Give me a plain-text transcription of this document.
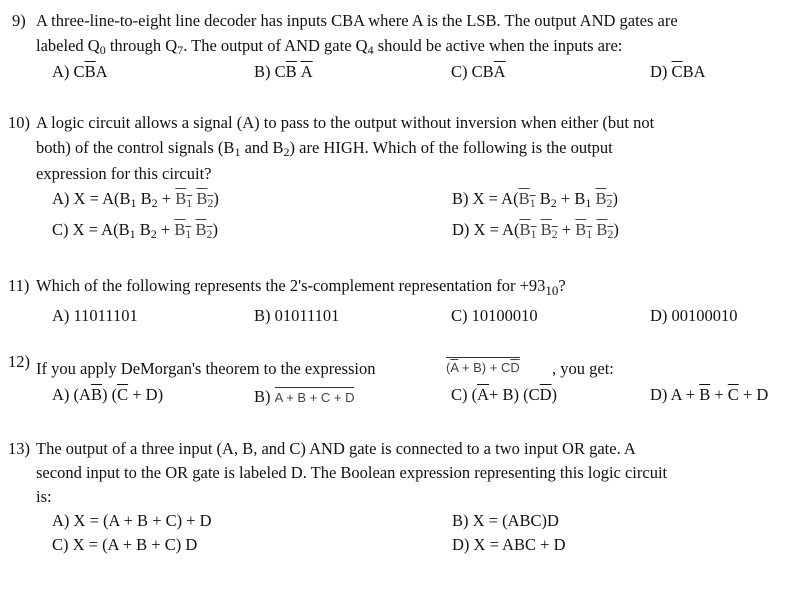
9) A three-line-to-eight line decoder has inputs CBA where A is the LSB. The output AND gates are
labeled Q0 through Q7. The output of AND gate Q4 should be active when the inputs are:
A) $C\overline{B}A$	B) $C\overline{B}$ $\overline{A}$	C) $CB\overline{A}$	D) $\overline{C}BA$
10) A logic circuit allows a signal (A) to pass to the output without inversion when either (but not
both) of the control signals (B1 and B2) are HIGH. Which of the following is the output
expression for this circuit?
A) X = A(B1 B2 + B1 B2)	B) X = A(B1 B2 + B1 B2)
C) X = A(B1 B2 + B1 B2)	D) X = A(B1 B2 + B1 B2)
11) Which of the following represents the 2's-complement representation for $+93_{10}$?
A) 11011101	B) 01011101	C) 10100010	D) 00100010
12) If you apply DeMorgan's theorem to the expression	$(\overline{A} + B) + C\overline{D}$ , you get:
A) $(A\overline{B}) (\overline{C} + D)$	B) A + B + C + D	C) $(\overline{A}+ B)$ $(C\overline{D})$	D) $A + \overline{B} + \overline{C} + D$
13) The output of a three input (A, B, and C) AND gate is connected to a two input OR gate. A
second input to the OR gate is labeled D. The Boolean expression representing this logic circuit
is:
A) X = (A + B + C) + D	B) X = (ABC)D
C) X = (A + B + C) D	D) X = ABC + D
